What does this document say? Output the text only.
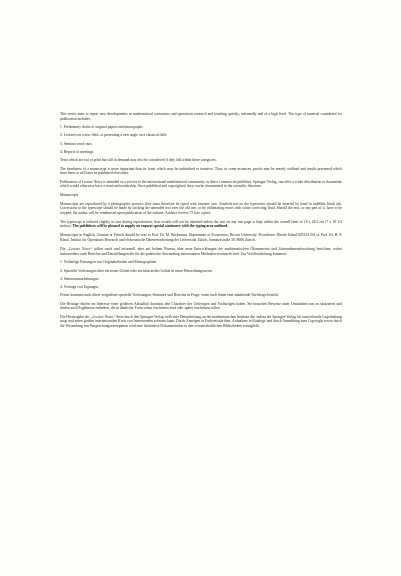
This series aims to report new developments in mathematical economics and operations research and teaching quickly, informally and at a high level. The type of material considered for publication includes:

1. Preliminary drafts of original papers and monographs

2. Lectures on a new field, or presenting a new angle on a classical field

3. Seminar work-outs

4. Reports of meetings

Texts which are out of print but still in demand may also be considered if they fall within these categories.

The timeliness of a manuscript is more important than its form, which may be unfinished or tentative. Thus, in some instances, proofs may be merely outlined and results presented which have been or will later be published elsewhere.

Publication of Lecture Notes is intended as a service to the international mathematical community, in that a commercial publisher, Springer-Verlag, can offer a wider distribution to documents which would otherwise have a restricted readership. Once published and copyrighted, they can be documented in the scientific literature.

Manuscripts

Manuscripts are reproduced by a photographic process; they must therefore be typed with extreme care. Symbols not on the typewriter should be inserted by hand in indelible black ink. Corrections to the typescript should be made by sticking the amended text over the old one, or by obliterating errors with white correcting fluid. Should the text, or any part of it, have to be retyped, the author will be reimbursed upon publication of the volume. Authors receive 75 free copies.

The typescript is reduced slightly in size during reproduction; best results will not be obtained unless the text on any one page is kept within the overall limit of 18 x 26.5 cm (7 x 10 1/2 inches). The publishers will be pleased to supply on request special stationery with the typing area outlined.

Manuscripts in English, German or French should be sent to Prof. Dr. M. Beckmann, Department of Economics, Brown University, Providence, Rhode Island 02912/USA or Prof. Dr. H. P. Künzi, Institut für Operations Research und elektronische Datenverarbeitung der Universität Zürich, Sumatrastraße 30, 8006 Zürich.

Die „Lecture Notes“ sollen rasch und informell, aber auf hohem Niveau, über neue Entwicklungen der mathematischen Ökonometrie und Unternehmensforschung berichten, wobei insbesondere auch Berichte und Darstellungen der für die praktische Anwendung interessanten Methoden erwünscht sind. Zur Veröffentlichung kommen:

1. Vorläufige Fassungen von Originalarbeiten und Monographien.

2. Spezielle Vorlesungen über ein neues Gebiet oder ein klassisches Gebiet in neuer Betrachtungsweise.

3. Seminarausarbeitungen.

4. Vorträge von Tagungen.

Ferner kommen auch ältere vergriffene spezielle Vorlesungen, Seminare und Berichte in Frage, wenn nach ihnen eine anhaltende Nachfrage besteht.

Die Beiträge dürfen im Interesse einer größeren Aktualität durchaus den Charakter des Unfertigen und Vorläufigen haben. Sie brauchen Beweise unter Umständen nur zu skizzieren und dürfen auch Ergebnisse enthalten, die in ähnlicher Form schon erschienen sind oder später erscheinen sollen.

Die Herausgabe der „Lecture Notes“ Serie durch den Springer-Verlag stellt eine Dienstleistung an die mathematischen Institute dar, indem der Springer-Verlag für ausreichende Lagerhaltung sorgt und einen großen internationalen Kreis von Interessenten erfassen kann. Durch Anzeigen in Fachzeitschriften, Aufnahme in Kataloge und durch Anmeldung zum Copyright sowie durch die Versendung von Besprechungsexemplaren wird eine lückenlose Dokumentation in den wissenschaftlichen Bibliotheken ermöglicht.
